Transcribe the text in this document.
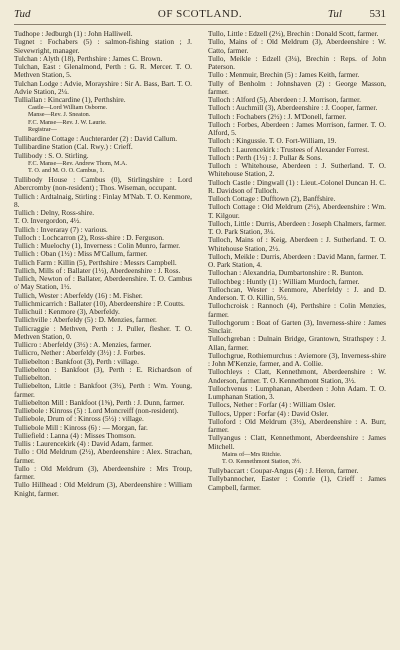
Tud	OF SCOTLAND.	Tul	531

Tudhope : Jedburgh (1) : John Halliwell.

Tugnet : Fochabers (5) : salmon-fishing station ; J. Sievewright, manager.

Tulchan : Alyth (18), Perthshire : James C. Brown.

Tulchan, East : Glenalmond, Perth : G. R. Mercer. T. O. Methven Station, 5.

Tulchan Lodge : Advie, Morayshire : Sir A. Bass, Bart. T. O. Advie Station, 2¼.

Tulliallan : Kincardine (1), Perthshire.

Castle—Lord William Osborne.

Manse—Rev. J. Sneaton.

F.C. Manse—Rev. J. W. Laurie.

Registrar—

Tullibardine Cottage : Auchterarder (2) : David Callum.

Tullibardine Station (Cal. Rwy.) : Crieff.

Tullibody : S. O. Stirling.

F.C. Manse—Rev. Andrew Thom, M.A.

T. O. and M. O. O. Cambus, 1.

Tullibody House : Cambus (0), Stirlingshire : Lord Abercromby (non-resident) ; Thos. Wiseman, occupant.

Tullich : Ardtalnaig, Stirling : Finlay M'Nab. T. O. Kenmore, 8.

Tullich : Delny, Ross-shire.

T. O. Invergordon, 4½.

Tullich : Inveraray (7) : various.

Tulloch : Lochcarron (2), Ross-shire : D. Ferguson.

Tullich : Muelochy (1), Inverness : Colin Munro, farmer.

Tullich : Oban (1½) : Miss M'Callum, farmer.

Tullich Farm : Killin (5), Perthshire : Messrs Campbell.

Tullich, Mills of : Ballater (1½), Aberdeenshire : J. Ross.

Tullich, Newton of : Ballater, Aberdeenshire. T. O. Cambus o' May Station, 1½.

Tullich, Wester : Aberfeldy (16) : M. Fisher.

Tullichmicarrich : Ballater (10), Aberdeenshire : P. Coutts.

Tullichuil : Kenmore (3), Aberfeldy.

Tullichville : Aberfeldy (5) : D. Menzies, farmer.

Tullicraggie : Methven, Perth : J. Puller, flesher. T. O. Methven Station, 0.

Tullicro : Aberfeldy (3½) : A. Menzies, farmer.

Tullicro, Nether : Aberfeldy (3½) : J. Forbes.

Tulliebelton : Bankfoot (3), Perth : village.

Tulliebelton : Bankfoot (3), Perth : E. Richardson of Tulliebelton.

Tulliebelton, Little : Bankfoot (3½), Perth : Wm. Young, farmer.

Tulliebelton Mill : Bankfoot (1⅝), Perth : J. Dunn, farmer.

Tulliebole : Kinross (5) : Lord Moncreiff (non-resident).

Tulliebole, Drum of : Kinross (5½) : village.

Tulliebole Mill : Kinross (6) : — Morgan, far.

Tulliefield : Lanna (4) : Misses Thomson.

Tullis : Laurencekirk (4) : David Adam, farmer.

Tullo : Old Meldrum (2½), Aberdeenshire : Alex. Strachan, farmer.

Tullo : Old Meldrum (3), Aberdeenshire : Mrs Troup, farmer.

Tullo Hillhead : Old Meldrum (3), Aberdeenshire : William Knight, farmer.

Tullo, Little : Edzell (2½), Brechin : Donald Scott, farmer.

Tullo, Mains of : Old Meldrum (3), Aberdeenshire : W. Catto, farmer.

Tullo, Meikle : Edzell (3¼), Brechin : Reps. of John Paterson.

Tullo : Menmuir, Brechin (5) : James Keith, farmer.

Tully of Benholm : Johnshaven (2) : George Masson, farmer.

Tulloch : Alford (5), Aberdeen : J. Morrison, farmer.

Tulloch : Auchmill (3), Aberdeenshire : J. Cooper, farmer.

Tulloch : Fochabers (2½) : J. M'Donell, farmer.

Tulloch : Forbes, Aberdeen : James Morrison, farmer. T. O. Alford, 5.

Tulloch : Kingussie. T. O. Fort-William, 19.

Tulloch : Laurencekirk : Trustees of Alexander Forrest.

Tulloch : Perth (1½) : J. Pullar & Sons.

Tulloch : Whitehouse, Aberdeen : J. Sutherland. T. O. Whitehouse Station, 2.

Tulloch Castle : Dingwall (1) : Lieut.-Colonel Duncan H. C. R. Davidson of Tulloch.

Tulloch Cottage : Dufftown (2), Banffshire.

Tulloch Cottage : Old Meldrum (2½), Aberdeenshire : Wm. T. Kilgour.

Tulloch, Little : Durris, Aberdeen : Joseph Chalmers, farmer. T. O. Park Station, 3¼.

Tulloch, Mains of : Keig, Aberdeen : J. Sutherland. T. O. Whitehouse Station, 2½.

Tulloch, Meikle : Durris, Aberdeen : David Mann, farmer. T. O. Park Station, 4.

Tullochan : Alexandria, Dumbartonshire : R. Bunton.

Tullochbeg : Huntly (1) : William Murdoch, farmer.

Tullochcan, Wester : Kenmore, Aberfeldy : J. and D. Anderson. T. O. Killin, 5½.

Tullochcroisk : Rannoch (4), Perthshire : Colin Menzies, farmer.

Tullochgorum : Boat of Garten (3), Inverness-shire : James Sinclair.

Tullochgreban : Dulnain Bridge, Grantown, Strathspey : J. Allan, farmer.

Tullochgrue, Rothiemurchus : Aviemore (3), Inverness-shire : John M'Kenzie, farmer, and A. Collie.

Tullochleys : Clatt, Kennethmont, Aberdeenshire : W. Anderson, farmer. T. O. Kennethmont Station, 3½.

Tullochvenus : Lumphanan, Aberdeen : John Adam. T. O. Lumphanan Station, 3.

Tullocs, Nether : Forfar (4) : William Osler.

Tullocs, Upper : Forfar (4) : David Osler.

Tulloford : Old Meldrum (3½), Aberdeenshire : A. Burr, farmer.

Tullyangus : Clatt, Kennethmont, Aberdeenshire : James Mitchell.

Mains of—Mrs Ritchie.

T. O. Kennethmont Station, 3½.

Tullybaccart : Coupar-Angus (4) : J. Heron, farmer.

Tullybannocher, Easter : Comrie (1), Crieff : James Campbell, farmer.
